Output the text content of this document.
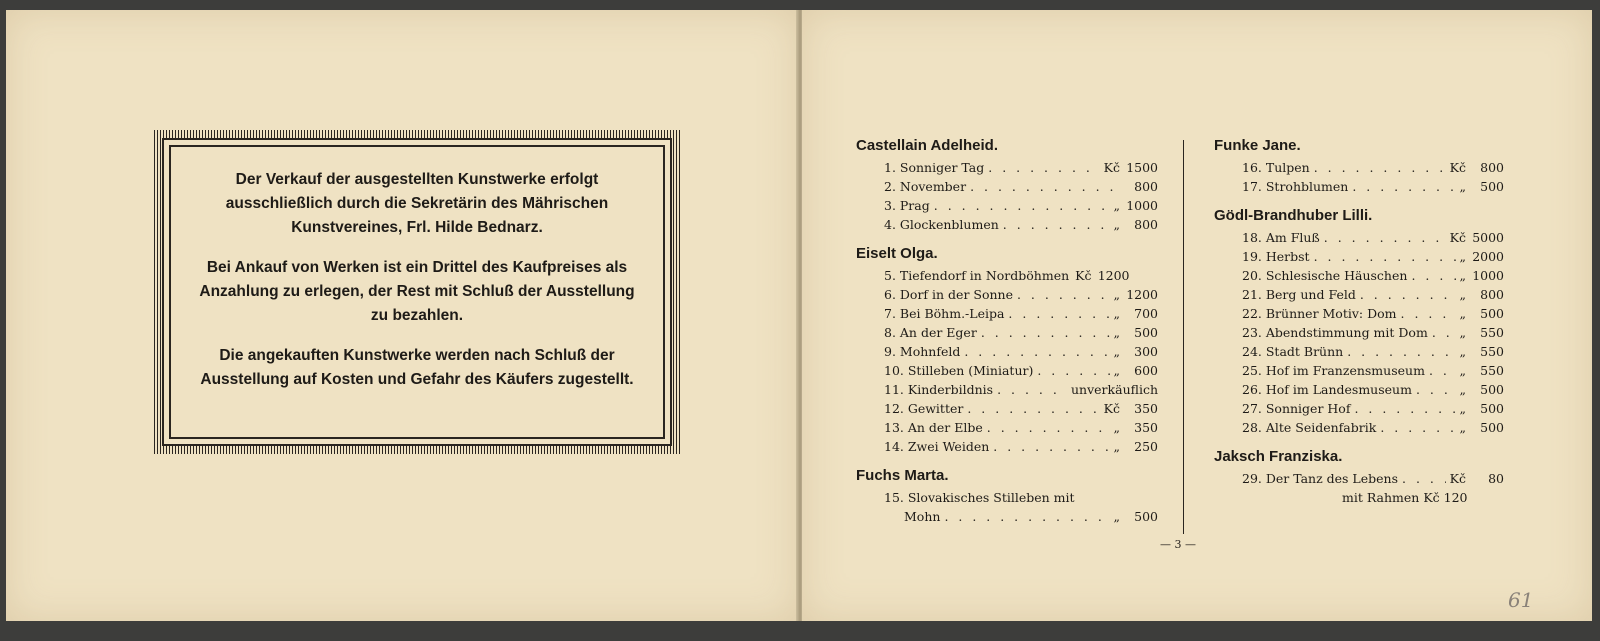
Der Verkauf der ausgestellten Kunstwerke erfolgt ausschließlich durch die Sekretärin des Mährischen Kunstvereines, Frl. Hilde Bednarz.

Bei Ankauf von Werken ist ein Drittel des Kaufpreises als Anzahlung zu erlegen, der Rest mit Schluß der Ausstellung zu bezahlen.

Die angekauften Kunstwerke werden nach Schluß der Ausstellung auf Kosten und Gefahr des Käufers zugestellt.

Castellain Adelheid.
1. Sonniger Tag . . .	Kč 1500
2. November . . .	800
3. Prag . . .	„ 1000
4. Glockenblumen . . .	„	800
Eiselt Olga.
5. Tiefendorf in Nordböhmen Kč 1200
6. Dorf in der Sonne . . .	„ 1200
7. Bei Böhm.-Leipa . . .	„	700
8. An der Eger . . .	„	500
9. Mohnfeld . . .	„	300
10. Stilleben (Miniatur) . . .	„	600
11. Kinderbildnis . . .	unverkäuflich
12. Gewitter . . .	Kč	350
13. An der Elbe . . .	„	350
14. Zwei Weiden . . .	„	250
Fuchs Marta.
15. Slovakisches Stilleben mit
Mohn . . .	„	500
Funke Jane.
16. Tulpen . . .	Kč	800
17. Strohblumen . . .	„	500
Gödl-Brandhuber Lilli.
18. Am Fluß . . .	Kč 5000
19. Herbst . . .	„ 2000
20. Schlesische Häuschen . . .	„ 1000
21. Berg und Feld . . .	„	800
22. Brünner Motiv: Dom . . .	„	500
23. Abendstimmung mit Dom . . .	„	550
24. Stadt Brünn . . .	„	550
25. Hof im Franzensmuseum . . .	„	550
26. Hof im Landesmuseum . . .	„	500
27. Sonniger Hof . . .	„	500
28. Alte Seidenfabrik . . .	„	500
Jaksch Franziska.
29. Der Tanz des Lebens . . .	Kč	80
mit Rahmen Kč 120
— 3 —
61
